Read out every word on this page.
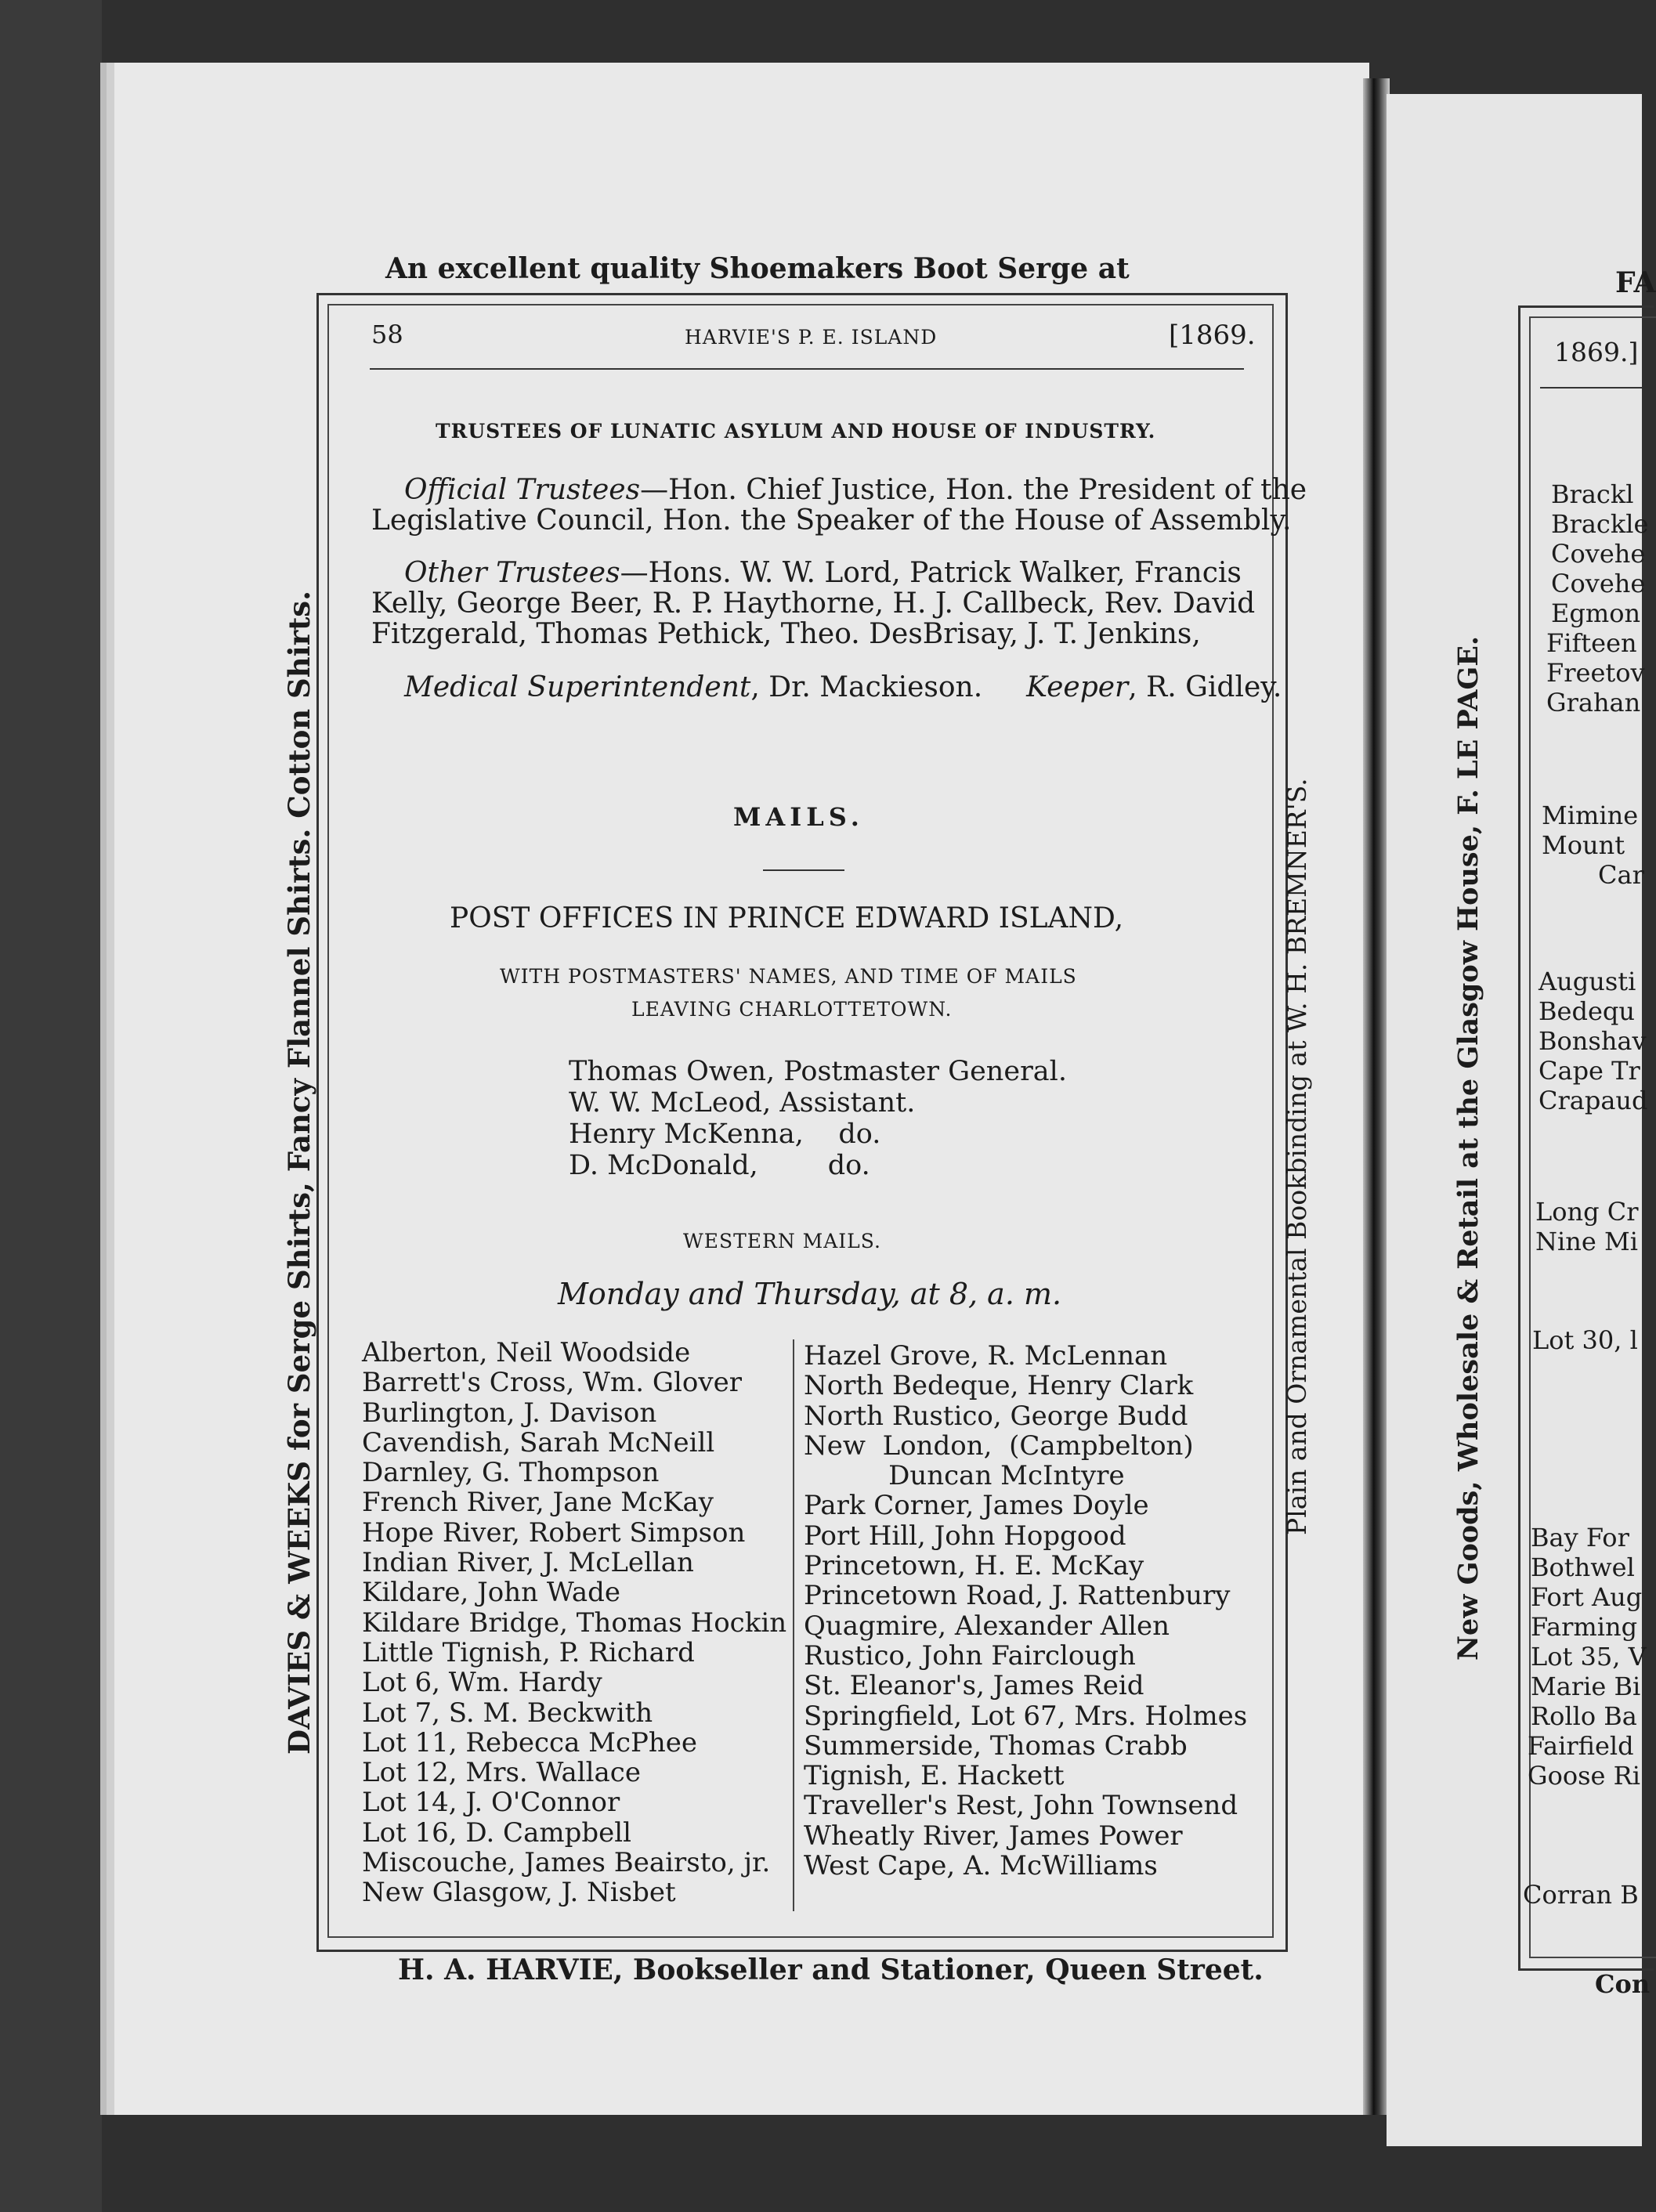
An excellent quality Shoemakers Boot Serge at
58	HARVIE'S P. E. ISLAND	[1869.
TRUSTEES OF LUNATIC ASYLUM AND HOUSE OF INDUSTRY.
Official Trustees—Hon. Chief Justice, Hon. the President of the
Legislative Council, Hon. the Speaker of the House of Assembly.
Other Trustees—Hons. W. W. Lord, Patrick Walker, Francis
Kelly, George Beer, R. P. Haythorne, H. J. Callbeck, Rev. David
Fitzgerald, Thomas Pethick, Theo. DesBrisay, J. T. Jenkins,
Medical Superintendent, Dr. Mackieson. Keeper, R. Gidley.
MAILS.
POST OFFICES IN PRINCE EDWARD ISLAND,
WITH POSTMASTERS' NAMES, AND TIME OF MAILS
LEAVING CHARLOTTETOWN.
Thomas Owen, Postmaster General.
W. W. McLeod, Assistant.
Henry McKenna,    do.
D. McDonald,        do.
WESTERN MAILS.
Monday and Thursday, at 8, a. m.
Alberton, Neil Woodside
Barrett's Cross, Wm. Glover
Burlington, J. Davison
Cavendish, Sarah McNeill
Darnley, G. Thompson
French River, Jane McKay
Hope River, Robert Simpson
Indian River, J. McLellan
Kildare, John Wade
Kildare Bridge, Thomas Hockin
Little Tignish, P. Richard
Lot 6, Wm. Hardy
Lot 7, S. M. Beckwith
Lot 11, Rebecca McPhee
Lot 12, Mrs. Wallace
Lot 14, J. O'Connor
Lot 16, D. Campbell
Miscouche, James Beairsto, jr.
New Glasgow, J. Nisbet
Hazel Grove, R. McLennan
North Bedeque, Henry Clark
North Rustico, George Budd
New  London,  (Campbelton)
Duncan McIntyre
Park Corner, James Doyle
Port Hill, John Hopgood
Princetown, H. E. McKay
Princetown Road, J. Rattenbury
Quagmire, Alexander Allen
Rustico, John Fairclough
St. Eleanor's, James Reid
Springfield, Lot 67, Mrs. Holmes
Summerside, Thomas Crabb
Tignish, E. Hackett
Traveller's Rest, John Townsend
Wheatly River, James Power
West Cape, A. McWilliams
H. A. HARVIE, Bookseller and Stationer, Queen Street.
DAVIES & WEEKS for Serge Shirts, Fancy Flannel Shirts. Cotton Shirts.	Plain and Ornamental Bookbinding at W. H. BREMNER'S.
FA
1869.]
New Goods, Wholesale & Retail at the Glasgow House, F. LE PAGE.
Brackl
Brackle
Covehe
Covehe
Egmon
Fifteen
Freetov
Grahan
Mimine
Mount
Car
Augusti
Bedequ
Bonshav
Cape Tr
Crapaud
Long Cr
Nine Mi
Lot 30, l
Bay For
Bothwel
Fort Aug
Farming
Lot 35, V
Marie Bi
Rollo Ba
Fairfield
Goose Ri
Corran B
Con
